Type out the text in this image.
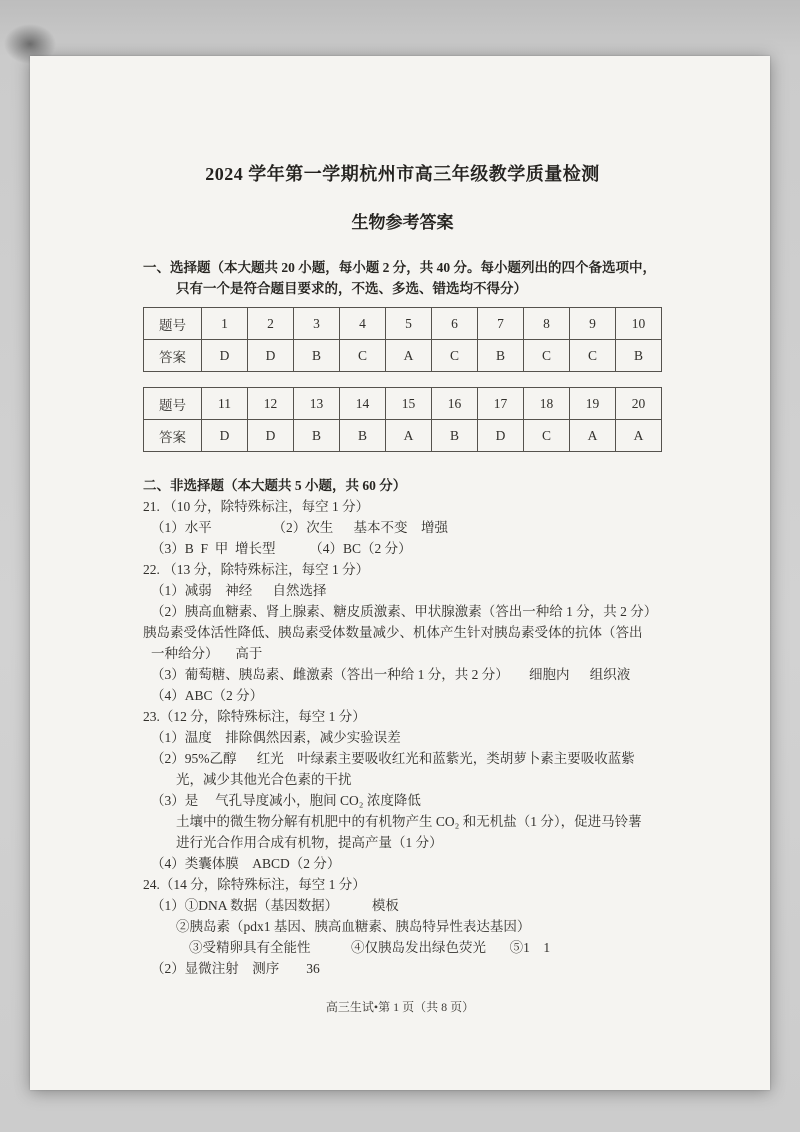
2024 学年第一学期杭州市高三年级教学质量检测
生物参考答案
一、选择题（本大题共 20 小题，每小题 2 分，共 40 分。每小题列出的四个备选项中，
只有一个是符合题目要求的，不选、多选、错选均不得分）
题号	1	2	3	4	5	6	7	8	9	10
答案	D	D	B	C	A	C	B	C	C	B
题号	11	12	13	14	15	16	17	18	19	20
答案	D	D	B	B	A	B	D	C	A	A
二、非选择题（本大题共 5 小题，共 60 分）
21. （10 分，除特殊标注，每空 1 分）
（1）水平                  （2）次生      基本不变    增强
（3）B  F  甲  增长型          （4）BC（2 分）
22. （13 分，除特殊标注，每空 1 分）
（1）减弱    神经      自然选择
（2）胰高血糖素、肾上腺素、糖皮质激素、甲状腺激素（答出一种给 1 分，共 2 分）
胰岛素受体活性降低、胰岛素受体数量减少、机体产生针对胰岛素受体的抗体（答出
一种给分）     高于
（3）葡萄糖、胰岛素、雌激素（答出一种给 1 分，共 2 分）      细胞内      组织液
（4）ABC（2 分）
23.（12 分，除特殊标注，每空 1 分）
（1）温度    排除偶然因素，减少实验误差
（2）95%乙醇      红光    叶绿素主要吸收红光和蓝紫光，类胡萝卜素主要吸收蓝紫
光，减少其他光合色素的干扰
（3）是     气孔导度减小，胞间 CO₂ 浓度降低
土壤中的微生物分解有机肥中的有机物产生 CO₂ 和无机盐（1 分），促进马铃薯
进行光合作用合成有机物，提高产量（1 分）
（4）类囊体膜    ABCD（2 分）
24.（14 分，除特殊标注，每空 1 分）
（1）①DNA 数据（基因数据）          模板
②胰岛素（pdx1 基因、胰高血糖素、胰岛特异性表达基因）
③受精卵具有全能性            ④仅胰岛发出绿色荧光       ⑤1    1
（2）显微注射    测序        36
高三生试•第 1 页（共 8 页）
